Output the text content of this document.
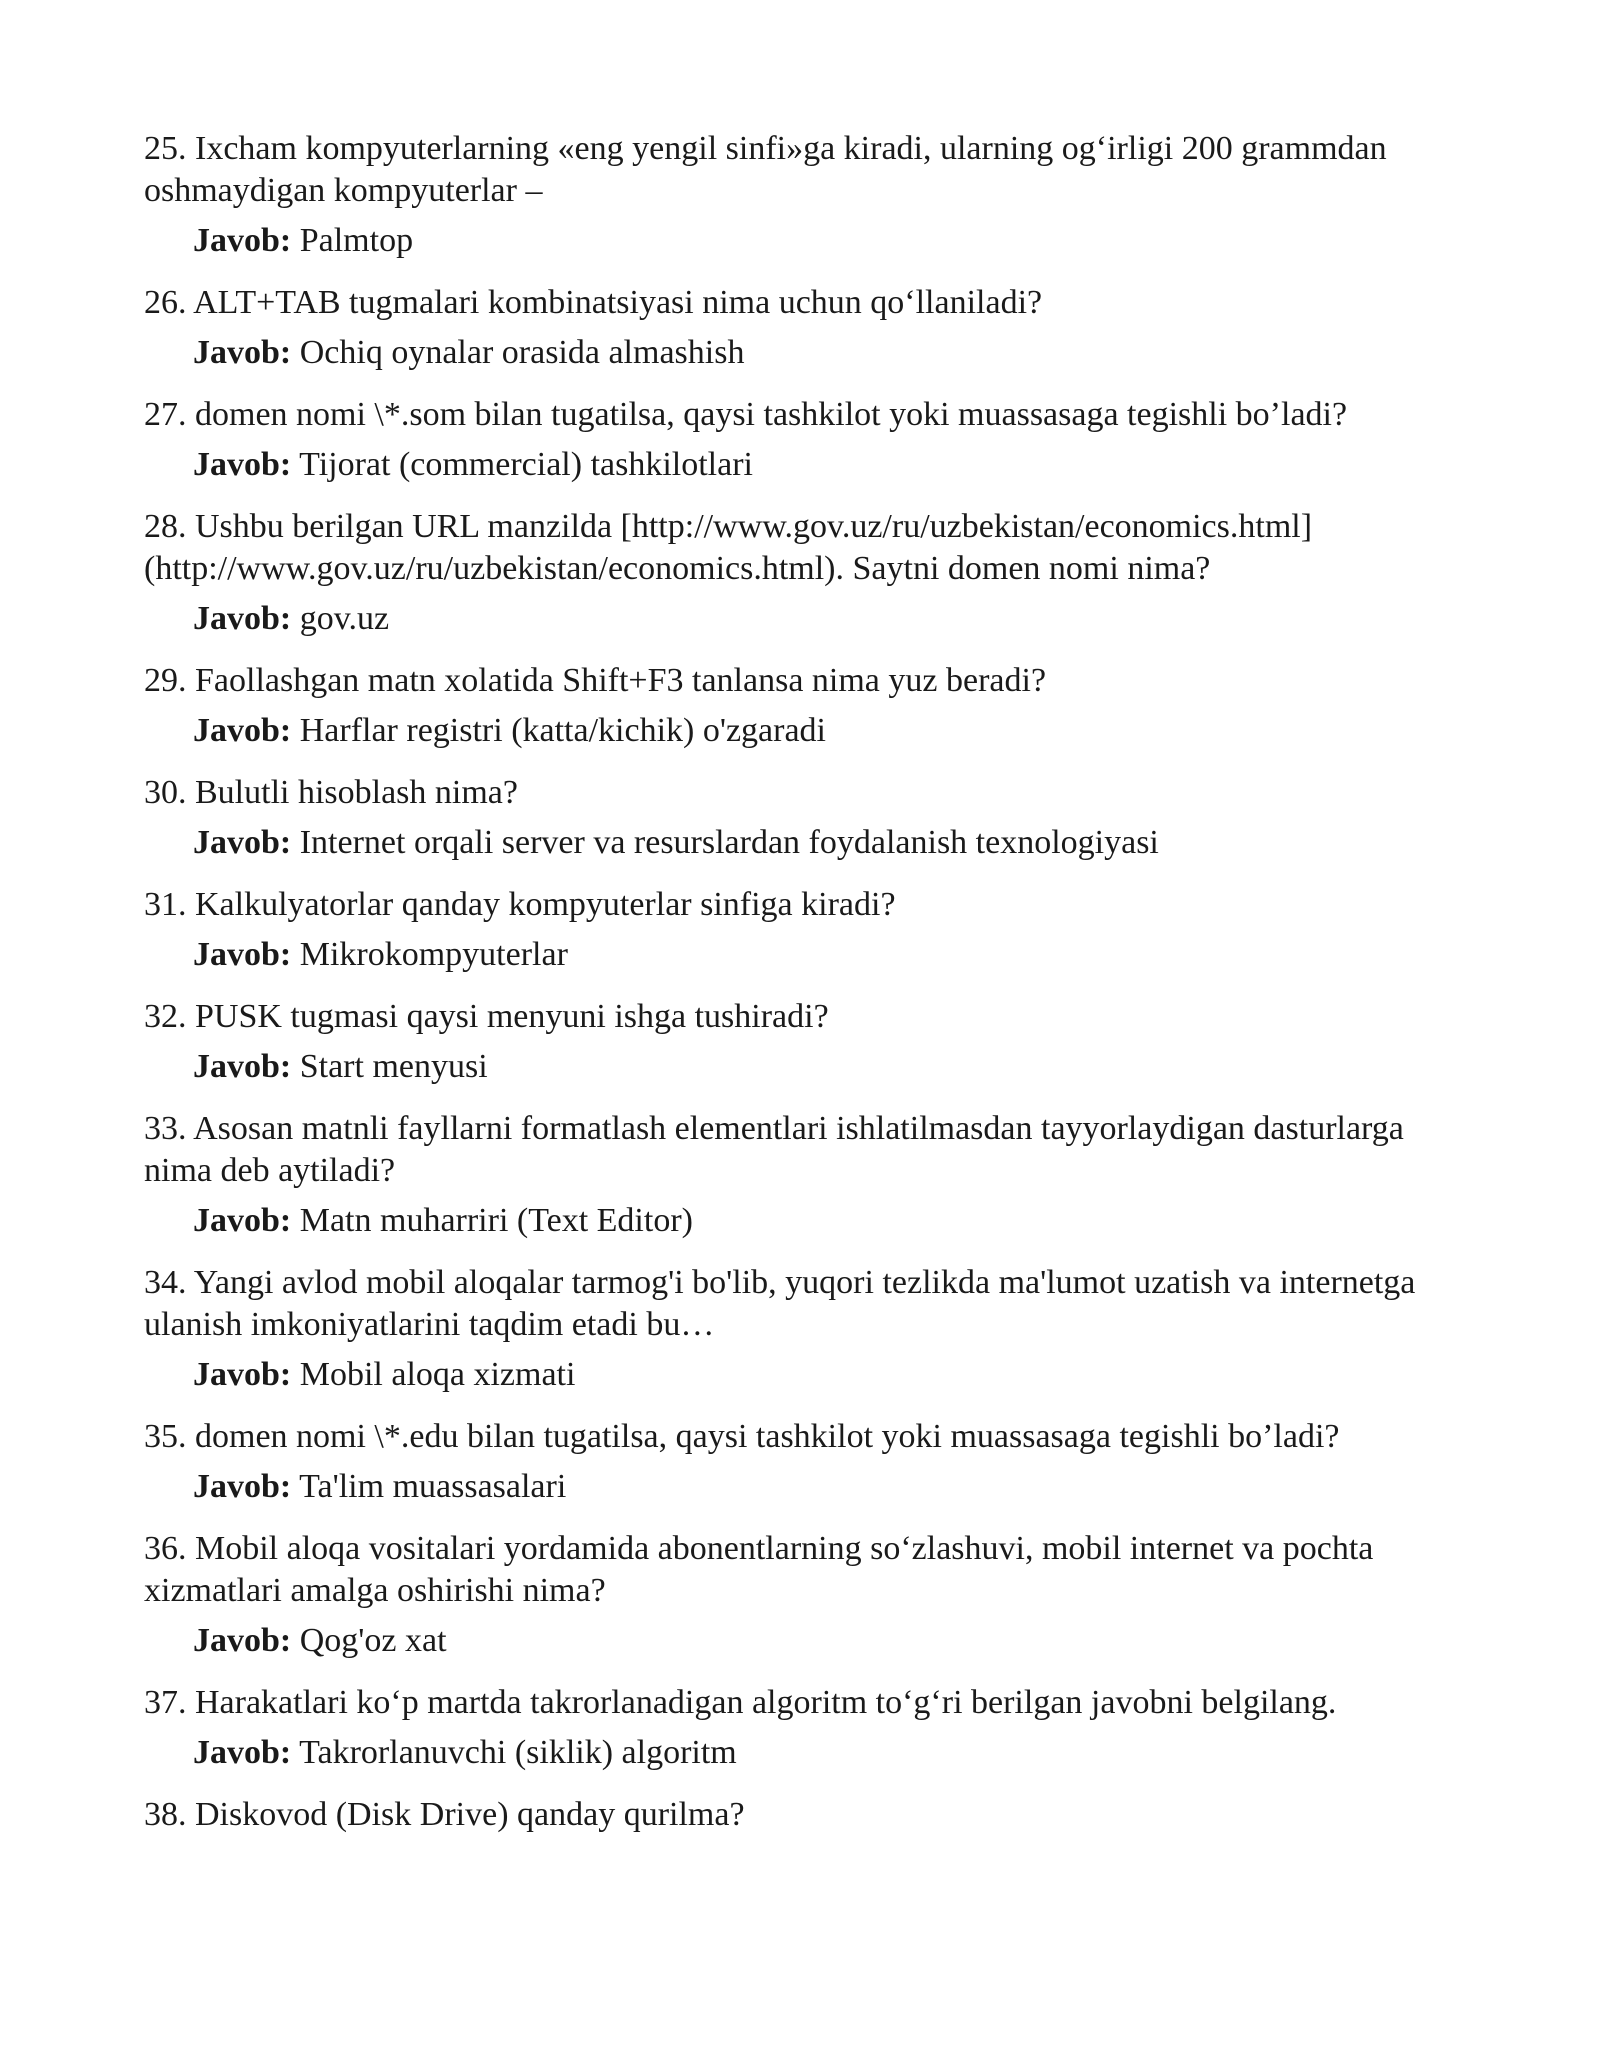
25. Ixcham kompyuterlarning «eng yengil sinfi»ga kiradi, ularning og‘irligi 200 grammdan oshmaydigan kompyuterlar –

Javob: Palmtop

26. ALT+TAB tugmalari kombinatsiyasi nima uchun qo‘llaniladi?

Javob: Ochiq oynalar orasida almashish

27. domen nomi \*.som bilan tugatilsa, qaysi tashkilot yoki muassasaga tegishli bo’ladi?

Javob: Tijorat (commercial) tashkilotlari

28. Ushbu berilgan URL manzilda [http://www.gov.uz/ru/uzbekistan/economics.html] (http://www.gov.uz/ru/uzbekistan/economics.html). Saytni domen nomi nima?

Javob: gov.uz

29. Faollashgan matn xolatida Shift+F3 tanlansa nima yuz beradi?

Javob: Harflar registri (katta/kichik) o'zgaradi

30. Bulutli hisoblash nima?

Javob: Internet orqali server va resurslardan foydalanish texnologiyasi

31. Kalkulyatorlar qanday kompyuterlar sinfiga kiradi?

Javob: Mikrokompyuterlar

32. PUSK tugmasi qaysi menyuni ishga tushiradi?

Javob: Start menyusi

33. Asosan matnli fayllarni formatlash elementlari ishlatilmasdan tayyorlaydigan dasturlarga nima deb aytiladi?

Javob: Matn muharriri (Text Editor)

34. Yangi avlod mobil aloqalar tarmog'i bo'lib, yuqori tezlikda ma'lumot uzatish va internetga ulanish imkoniyatlarini taqdim etadi bu…

Javob: Mobil aloqa xizmati

35. domen nomi \*.edu bilan tugatilsa, qaysi tashkilot yoki muassasaga tegishli bo’ladi?

Javob: Ta'lim muassasalari

36. Mobil aloqa vositalari yordamida abonentlarning so‘zlashuvi, mobil internet va pochta xizmatlari amalga oshirishi nima?

Javob: Qog'oz xat

37. Harakatlari ko‘p martda takrorlanadigan algoritm to‘g‘ri berilgan javobni belgilang.

Javob: Takrorlanuvchi (siklik) algoritm

38. Diskovod (Disk Drive) qanday qurilma?
